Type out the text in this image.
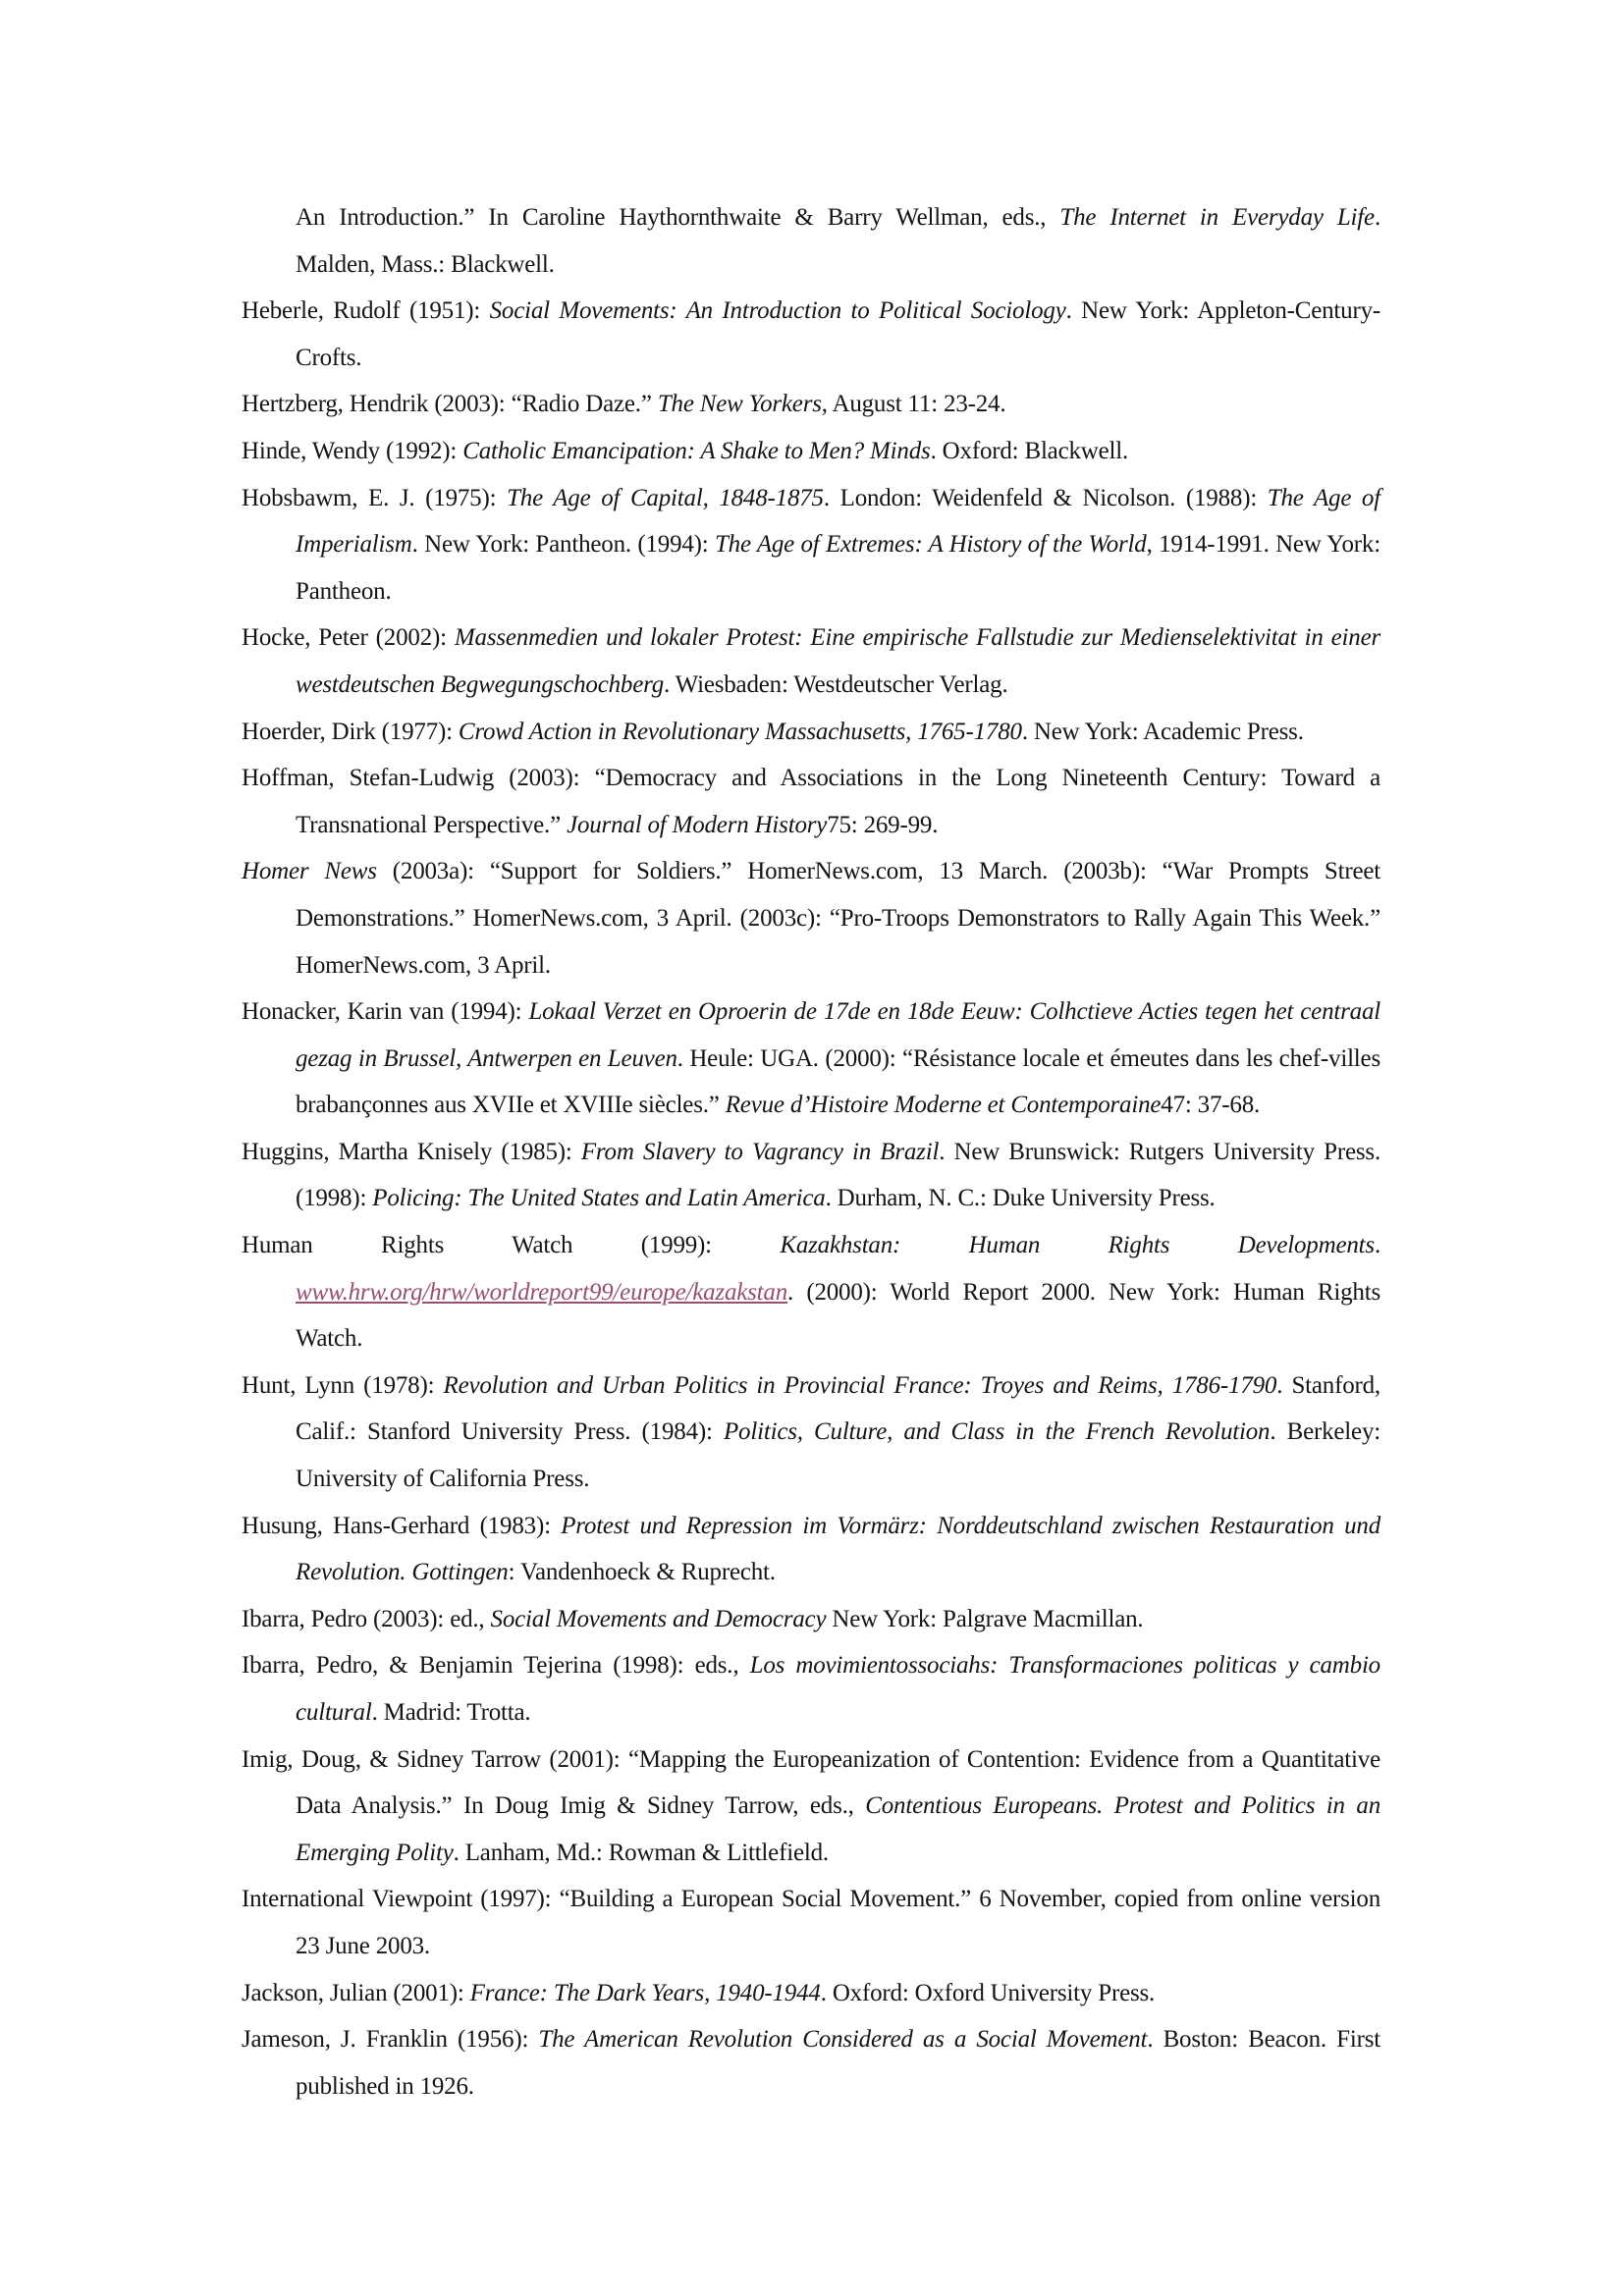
An Introduction.” In Caroline Haythornthwaite & Barry Wellman, eds., The Internet in Everyday Life.
Malden, Mass.: Blackwell.
Heberle, Rudolf (1951): Social Movements: An Introduction to Political Sociology. New York: Appleton-Century-
Crofts.
Hertzberg, Hendrik (2003): “Radio Daze.” The New Yorkers, August 11: 23-24.
Hinde, Wendy (1992): Catholic Emancipation: A Shake to Men? Minds. Oxford: Blackwell.
Hobsbawm, E. J. (1975): The Age of Capital, 1848-1875. London: Weidenfeld & Nicolson. (1988): The Age of
Imperialism. New York: Pantheon. (1994): The Age of Extremes: A History of the World, 1914-1991. New York:
Pantheon.
Hocke, Peter (2002): Massenmedien und lokaler Protest: Eine empirische Fallstudie zur Medienselektivitat in einer
westdeutschen Begwegungschochberg. Wiesbaden: Westdeutscher Verlag.
Hoerder, Dirk (1977): Crowd Action in Revolutionary Massachusetts, 1765-1780. New York: Academic Press.
Hoffman, Stefan-Ludwig (2003): “Democracy and Associations in the Long Nineteenth Century: Toward a
Transnational Perspective.” Journal of Modern History75: 269-99.
Homer News (2003a): “Support for Soldiers.” HomerNews.com, 13 March. (2003b): “War Prompts Street
Demonstrations.” HomerNews.com, 3 April. (2003c): “Pro-Troops Demonstrators to Rally Again This Week.”
HomerNews.com, 3 April.
Honacker, Karin van (1994): Lokaal Verzet en Oproerin de 17de en 18de Eeuw: Colhctieve Acties tegen het centraal
gezag in Brussel, Antwerpen en Leuven. Heule: UGA. (2000): “Résistance locale et émeutes dans les chef-villes
brabançonnes aus XVIIe et XVIIIe siècles.” Revue d’Histoire Moderne et Contemporaine47: 37-68.
Huggins, Martha Knisely (1985): From Slavery to Vagrancy in Brazil. New Brunswick: Rutgers University Press.
(1998): Policing: The United States and Latin America. Durham, N. C.: Duke University Press.
Human Rights Watch (1999): Kazakhstan: Human Rights Developments.
www.hrw.org/hrw/worldreport99/europe/kazakstan. (2000): World Report 2000. New York: Human Rights
Watch.
Hunt, Lynn (1978): Revolution and Urban Politics in Provincial France: Troyes and Reims, 1786-1790. Stanford,
Calif.: Stanford University Press. (1984): Politics, Culture, and Class in the French Revolution. Berkeley:
University of California Press.
Husung, Hans-Gerhard (1983): Protest und Repression im Vormärz: Norddeutschland zwischen Restauration und
Revolution. Gottingen: Vandenhoeck & Ruprecht.
Ibarra, Pedro (2003): ed., Social Movements and Democracy New York: Palgrave Macmillan.
Ibarra, Pedro, & Benjamin Tejerina (1998): eds., Los movimientossociahs: Transformaciones politicas y cambio
cultural. Madrid: Trotta.
Imig, Doug, & Sidney Tarrow (2001): “Mapping the Europeanization of Contention: Evidence from a Quantitative
Data Analysis.” In Doug Imig & Sidney Tarrow, eds., Contentious Europeans. Protest and Politics in an
Emerging Polity. Lanham, Md.: Rowman & Littlefield.
International Viewpoint (1997): “Building a European Social Movement.” 6 November, copied from online version
23 June 2003.
Jackson, Julian (2001): France: The Dark Years, 1940-1944. Oxford: Oxford University Press.
Jameson, J. Franklin (1956): The American Revolution Considered as a Social Movement. Boston: Beacon. First
published in 1926.
